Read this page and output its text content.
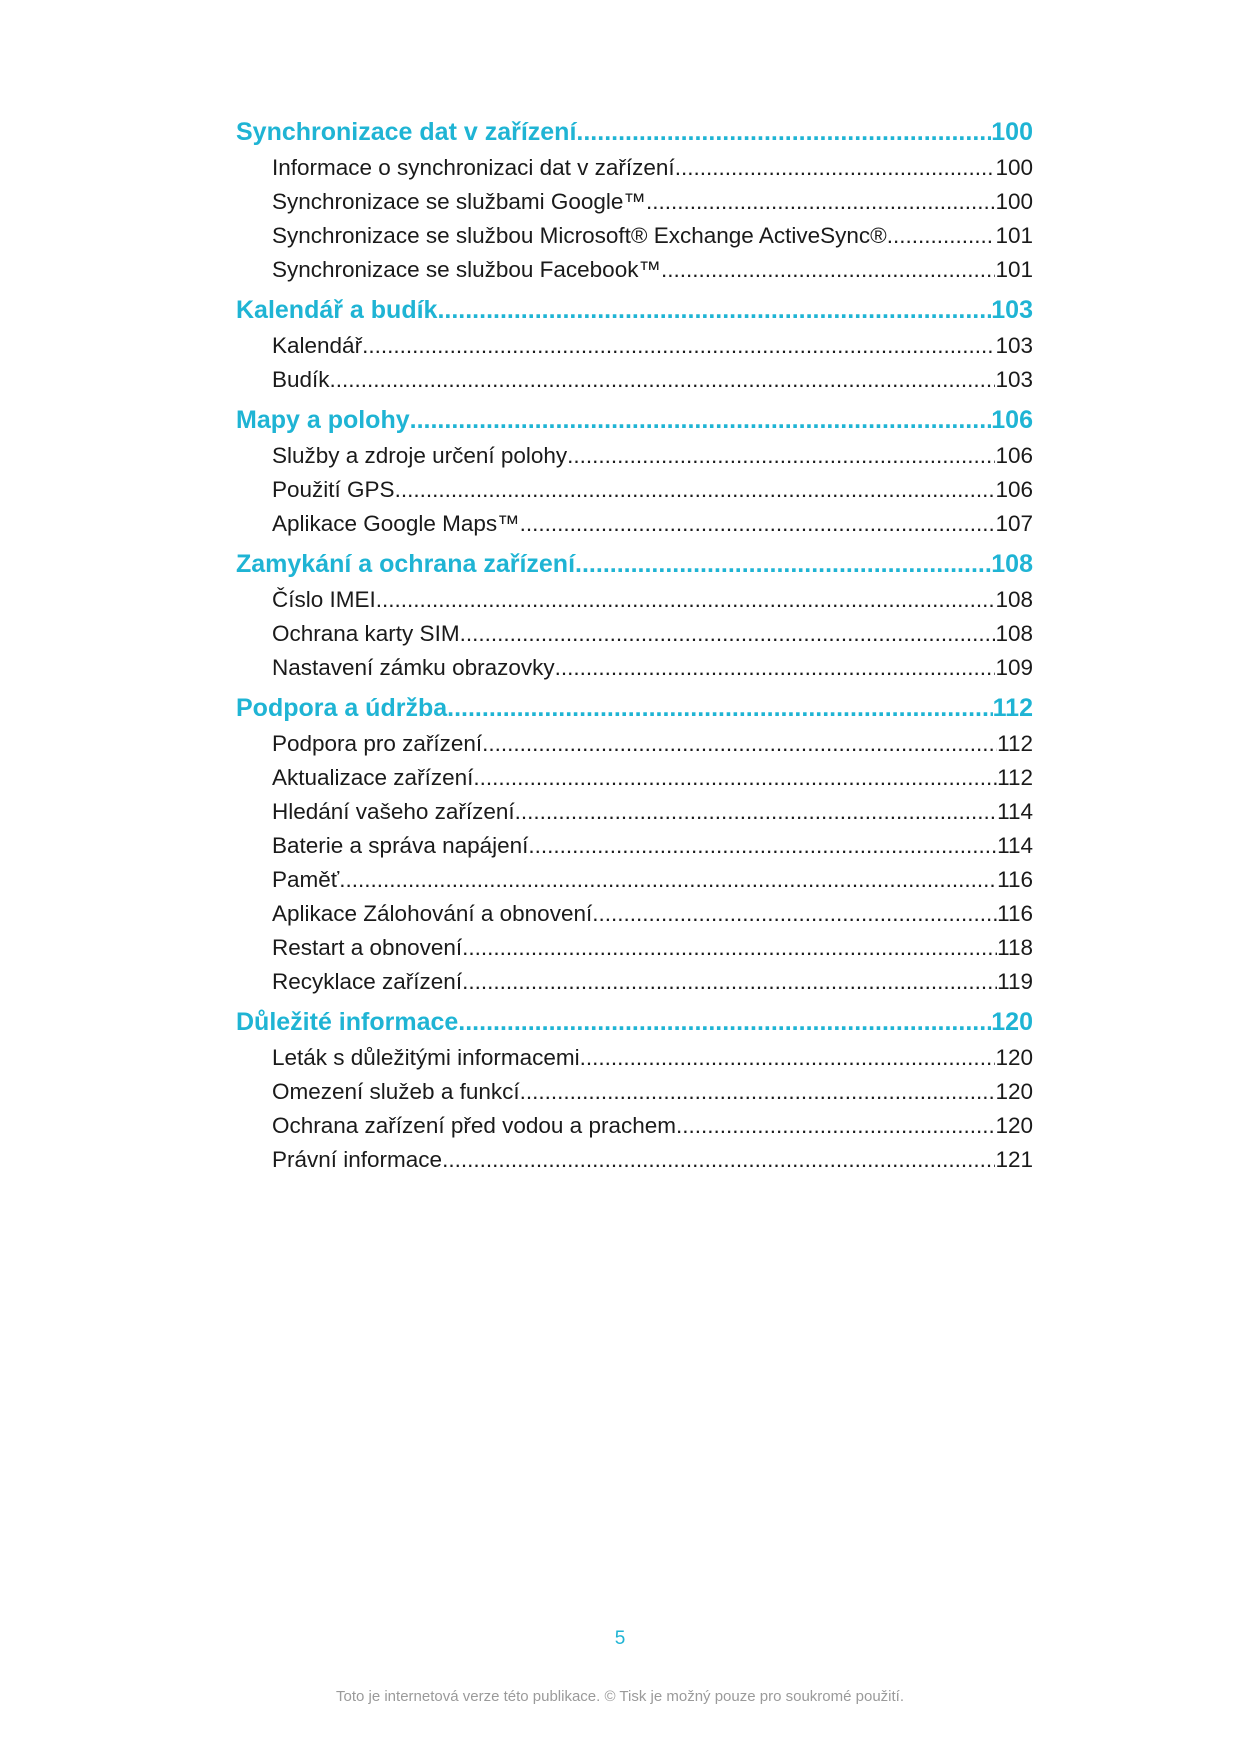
Synchronizace dat v zařízení .....	100
Informace o synchronizaci dat v zařízení .....	100
Synchronizace se službami Google™ .....	100
Synchronizace se službou Microsoft® Exchange ActiveSync® .....	101
Synchronizace se službou Facebook™ .....	101
Kalendář a budík .....	103
Kalendář .....	103
Budík .....	103
Mapy a polohy .....	106
Služby a zdroje určení polohy .....	106
Použití GPS .....	106
Aplikace Google Maps™ .....	107
Zamykání a ochrana zařízení .....	108
Číslo IMEI .....	108
Ochrana karty SIM .....	108
Nastavení zámku obrazovky .....	109
Podpora a údržba .....	112
Podpora pro zařízení .....	112
Aktualizace zařízení .....	112
Hledání vašeho zařízení .....	114
Baterie a správa napájení .....	114
Paměť .....	116
Aplikace Zálohování a obnovení .....	116
Restart a obnovení .....	118
Recyklace zařízení .....	119
Důležité informace .....	120
Leták s důležitými informacemi .....	120
Omezení služeb a funkcí .....	120
Ochrana zařízení před vodou a prachem .....	120
Právní informace .....	121
5
Toto je internetová verze této publikace. © Tisk je možný pouze pro soukromé použití.
